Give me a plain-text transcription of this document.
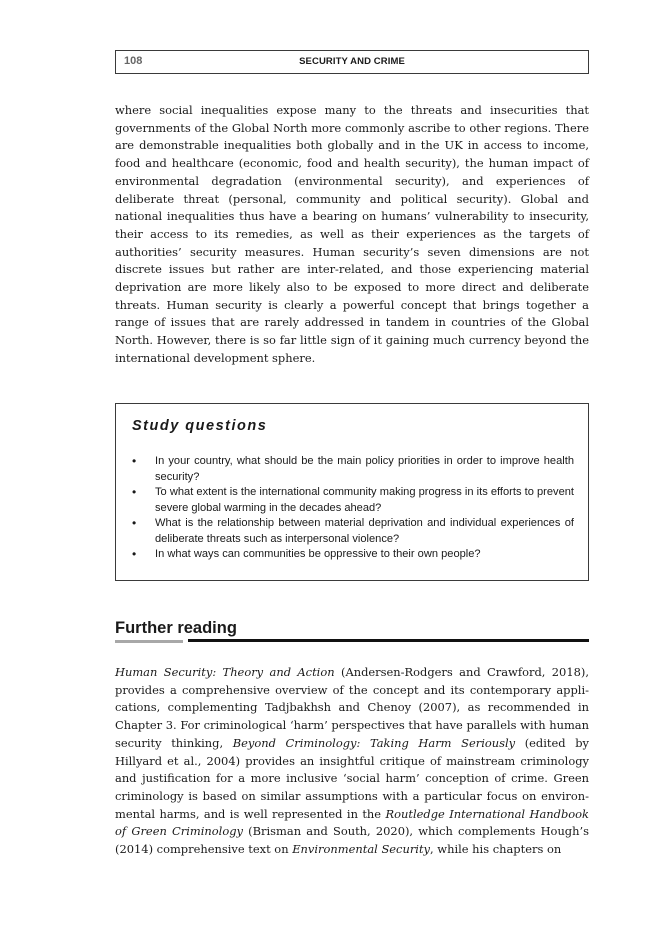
108	SECURITY AND CRIME

where social inequalities expose many to the threats and insecurities that governments of the Global North more commonly ascribe to other regions. There are demonstrable inequalities both globally and in the UK in access to income, food and healthcare (economic, food and health security), the human impact of environmental degradation (environmental security), and experiences of deliberate threat (personal, community and political security). Global and national inequalities thus have a bearing on humans’ vulnerability to insecurity, their access to its remedies, as well as their experiences as the targets of authorities’ security measures. Human security’s seven dimensions are not discrete issues but rather are inter-related, and those experiencing material deprivation are more likely also to be exposed to more direct and deliberate threats. Human security is clearly a powerful concept that brings together a range of issues that are rarely addressed in tandem in countries of the Global North. However, there is so far little sign of it gaining much currency beyond the international development sphere.

Study questions
• In your country, what should be the main policy priorities in order to improve health security?
• To what extent is the international community making progress in its efforts to prevent severe global warming in the decades ahead?
• What is the relationship between material deprivation and individual experiences of deliberate threats such as interpersonal violence?
• In what ways can communities be oppressive to their own people?
Further reading

Human Security: Theory and Action (Andersen-Rodgers and Crawford, 2018), provides a comprehensive overview of the concept and its contemporary applications, complementing Tadjbakhsh and Chenoy (2007), as recommended in Chapter 3. For criminological ‘harm’ perspectives that have parallels with human security thinking, Beyond Criminology: Taking Harm Seriously (edited by Hillyard et al., 2004) provides an insightful critique of mainstream criminology and justification for a more inclusive ‘social harm’ conception of crime. Green criminology is based on similar assumptions with a particular focus on environmental harms, and is well represented in the Routledge International Handbook of Green Criminology (Brisman and South, 2020), which complements Hough’s (2014) comprehensive text on Environmental Security, while his chapters on
